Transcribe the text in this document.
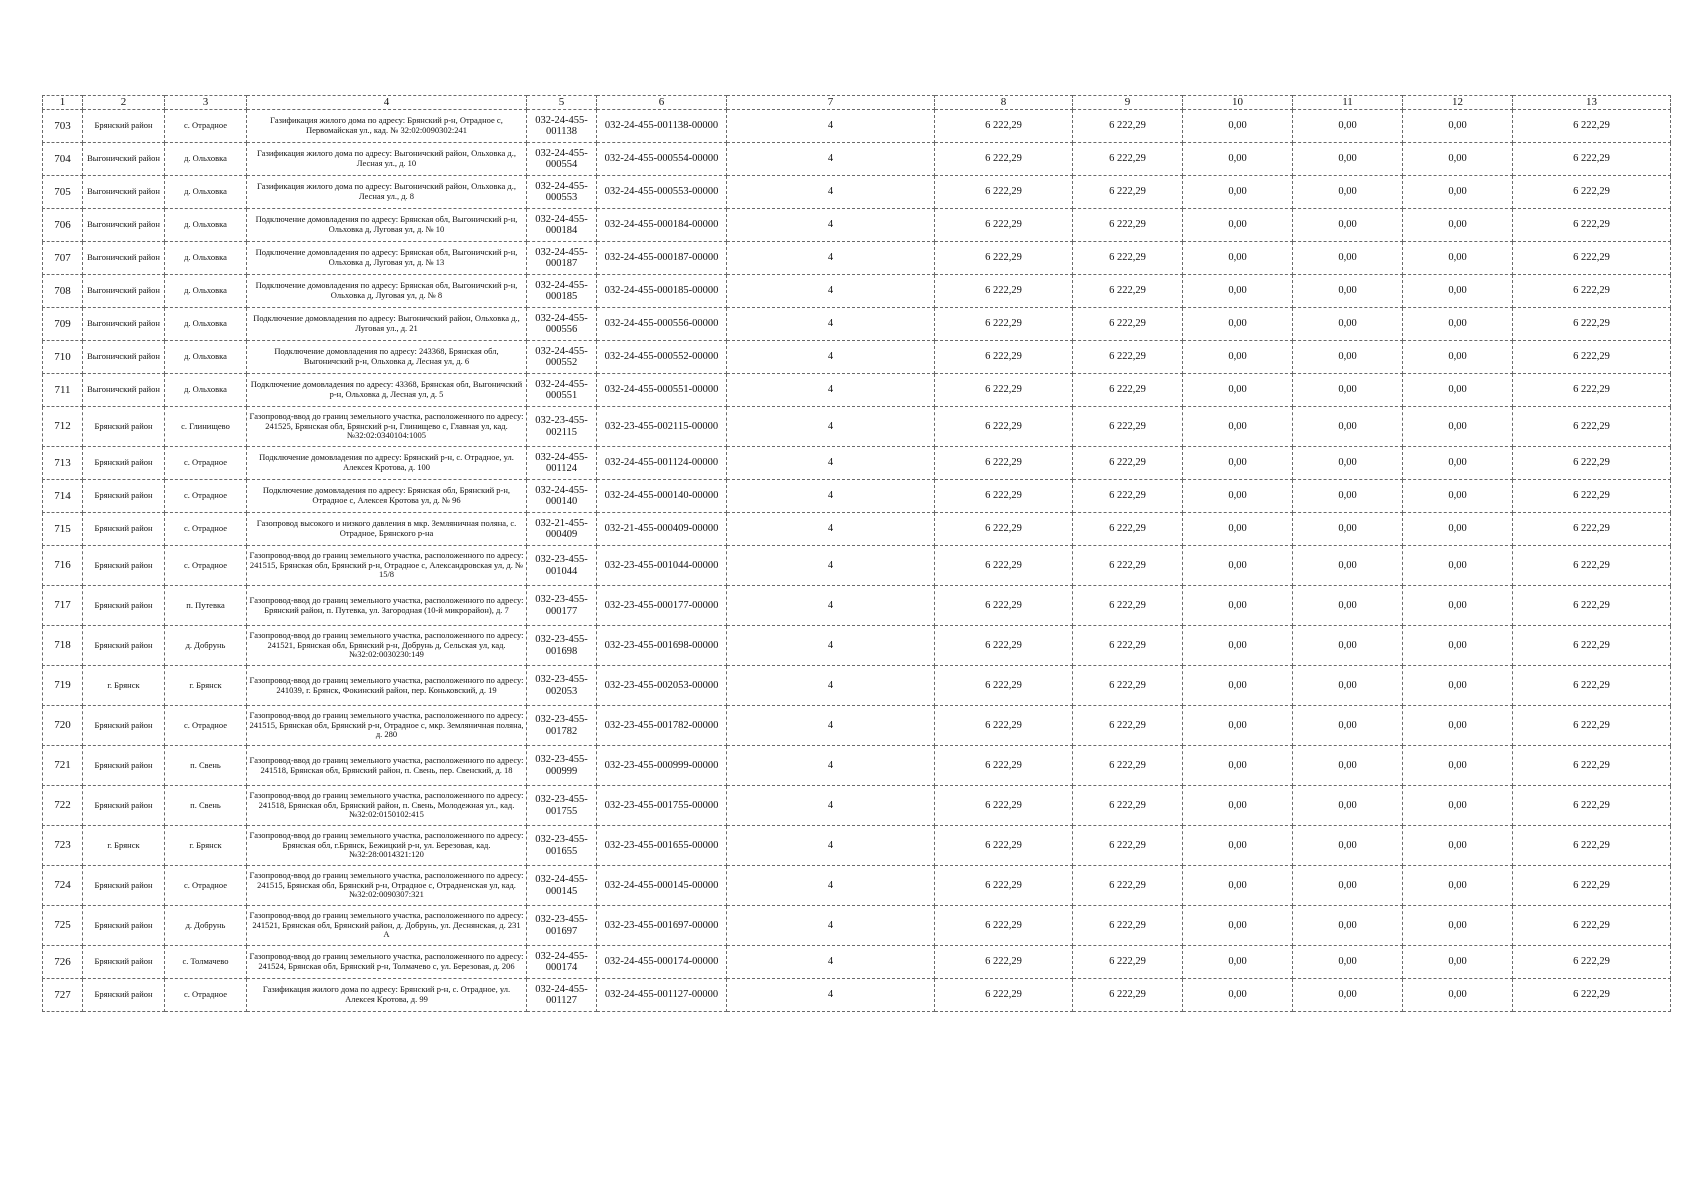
1	2	3	4	5	6	7	8	9	10	11	12	13
703	Брянский район	с. Отрадное	Газификация жилого дома по адресу: Брянский р-н, Отрадное с, Первомайская ул., кад. № 32:02:0090302:241	032-24-455-001138	032-24-455-001138-00000	4	6 222,29	6 222,29	0,00	0,00	0,00	6 222,29
704	Выгоничский район	д. Ольховка	Газификация жилого дома по адресу: Выгоничский район, Ольховка д., Лесная ул., д. 10	032-24-455-000554	032-24-455-000554-00000	4	6 222,29	6 222,29	0,00	0,00	0,00	6 222,29
705	Выгоничский район	д. Ольховка	Газификация жилого дома по адресу: Выгоничский район, Ольховка д., Лесная ул., д. 8	032-24-455-000553	032-24-455-000553-00000	4	6 222,29	6 222,29	0,00	0,00	0,00	6 222,29
706	Выгоничский район	д. Ольховка	Подключение домовладения по адресу: Брянская обл, Выгоничский р-н, Ольховка д, Луговая ул, д. № 10	032-24-455-000184	032-24-455-000184-00000	4	6 222,29	6 222,29	0,00	0,00	0,00	6 222,29
707	Выгоничский район	д. Ольховка	Подключение домовладения по адресу: Брянская обл, Выгоничский р-н, Ольховка д, Луговая ул, д. № 13	032-24-455-000187	032-24-455-000187-00000	4	6 222,29	6 222,29	0,00	0,00	0,00	6 222,29
708	Выгоничский район	д. Ольховка	Подключение домовладения по адресу: Брянская обл, Выгоничский р-н, Ольховка д, Луговая ул, д. № 8	032-24-455-000185	032-24-455-000185-00000	4	6 222,29	6 222,29	0,00	0,00	0,00	6 222,29
709	Выгоничский район	д. Ольховка	Подключение домовладения по адресу: Выгоничский район, Ольховка д., Луговая ул., д. 21	032-24-455-000556	032-24-455-000556-00000	4	6 222,29	6 222,29	0,00	0,00	0,00	6 222,29
710	Выгоничский район	д. Ольховка	Подключение домовладения по адресу: 243368, Брянская обл, Выгоничский р-н, Ольховка д, Лесная ул, д. 6	032-24-455-000552	032-24-455-000552-00000	4	6 222,29	6 222,29	0,00	0,00	0,00	6 222,29
711	Выгоничский район	д. Ольховка	Подключение домовладения по адресу: 43368, Брянская обл, Выгоничский р-н, Ольховка д, Лесная ул, д. 5	032-24-455-000551	032-24-455-000551-00000	4	6 222,29	6 222,29	0,00	0,00	0,00	6 222,29
712	Брянский район	с. Глинищево	Газопровод-ввод до границ земельного участка, расположенного по адресу: 241525, Брянская обл, Брянский р-н, Глинищево с, Главная ул, кад. №32:02:0340104:1005	032-23-455-002115	032-23-455-002115-00000	4	6 222,29	6 222,29	0,00	0,00	0,00	6 222,29
713	Брянский район	с. Отрадное	Подключение домовладения по адресу: Брянский р-н, с. Отрадное, ул. Алексея Кротова, д. 100	032-24-455-001124	032-24-455-001124-00000	4	6 222,29	6 222,29	0,00	0,00	0,00	6 222,29
714	Брянский район	с. Отрадное	Подключение домовладения по адресу: Брянская обл, Брянский р-н, Отрадное с, Алексея Кротова ул, д. № 96	032-24-455-000140	032-24-455-000140-00000	4	6 222,29	6 222,29	0,00	0,00	0,00	6 222,29
715	Брянский район	с. Отрадное	Газопровод высокого и низкого давления в мкр. Земляничная поляна, с. Отрадное, Брянского р-на	032-21-455-000409	032-21-455-000409-00000	4	6 222,29	6 222,29	0,00	0,00	0,00	6 222,29
716	Брянский район	с. Отрадное	Газопровод-ввод до границ земельного участка, расположенного по адресу: 241515, Брянская обл, Брянский р-н, Отрадное с, Александровская ул, д. № 15/8	032-23-455-001044	032-23-455-001044-00000	4	6 222,29	6 222,29	0,00	0,00	0,00	6 222,29
717	Брянский район	п. Путевка	Газопровод-ввод до границ земельного участка, расположенного по адресу: Брянский район, п. Путевка, ул. Загородная (10-й микрорайон), д. 7	032-23-455-000177	032-23-455-000177-00000	4	6 222,29	6 222,29	0,00	0,00	0,00	6 222,29
718	Брянский район	д. Добрунь	Газопровод-ввод до границ земельного участка, расположенного по адресу: 241521, Брянская обл, Брянский р-н, Добрунь д, Сельская ул, кад. №32:02:0030230:149	032-23-455-001698	032-23-455-001698-00000	4	6 222,29	6 222,29	0,00	0,00	0,00	6 222,29
719	г. Брянск	г. Брянск	Газопровод-ввод до границ земельного участка, расположенного по адресу: 241039, г. Брянск, Фокинский район, пер. Коньковский, д. 19	032-23-455-002053	032-23-455-002053-00000	4	6 222,29	6 222,29	0,00	0,00	0,00	6 222,29
720	Брянский район	с. Отрадное	Газопровод-ввод до границ земельного участка, расположенного по адресу: 241515, Брянская обл, Брянский р-н, Отрадное с, мкр. Земляничная поляна, д. 280	032-23-455-001782	032-23-455-001782-00000	4	6 222,29	6 222,29	0,00	0,00	0,00	6 222,29
721	Брянский район	п. Свень	Газопровод-ввод до границ земельного участка, расположенного по адресу: 241518, Брянская обл, Брянский район, п. Свень, пер. Свенский, д. 18	032-23-455-000999	032-23-455-000999-00000	4	6 222,29	6 222,29	0,00	0,00	0,00	6 222,29
722	Брянский район	п. Свень	Газопровод-ввод до границ земельного участка, расположенного по адресу: 241518, Брянская обл, Брянский район, п. Свень, Молодежная ул., кад. №32:02:0150102:415	032-23-455-001755	032-23-455-001755-00000	4	6 222,29	6 222,29	0,00	0,00	0,00	6 222,29
723	г. Брянск	г. Брянск	Газопровод-ввод до границ земельного участка, расположенного по адресу: Брянская обл, г.Брянск, Бежицкий р-н, ул. Березовая, кад. №32:28:0014321:120	032-23-455-001655	032-23-455-001655-00000	4	6 222,29	6 222,29	0,00	0,00	0,00	6 222,29
724	Брянский район	с. Отрадное	Газопровод-ввод до границ земельного участка, расположенного по адресу: 241515, Брянская обл, Брянский р-н, Отрадное с, Отрадненская ул, кад. №32:02:0090307:321	032-24-455-000145	032-24-455-000145-00000	4	6 222,29	6 222,29	0,00	0,00	0,00	6 222,29
725	Брянский район	д. Добрунь	Газопровод-ввод до границ земельного участка, расположенного по адресу: 241521, Брянская обл, Брянский район, д. Добрунь, ул. Деснянская, д. 231 А	032-23-455-001697	032-23-455-001697-00000	4	6 222,29	6 222,29	0,00	0,00	0,00	6 222,29
726	Брянский район	с. Толмачево	Газопровод-ввод до границ земельного участка, расположенного по адресу: 241524, Брянская обл, Брянский р-н, Толмачево с, ул. Березовая, д. 206	032-24-455-000174	032-24-455-000174-00000	4	6 222,29	6 222,29	0,00	0,00	0,00	6 222,29
727	Брянский район	с. Отрадное	Газификация жилого дома по адресу: Брянский р-н, с. Отрадное, ул. Алексея Кротова, д. 99	032-24-455-001127	032-24-455-001127-00000	4	6 222,29	6 222,29	0,00	0,00	0,00	6 222,29
